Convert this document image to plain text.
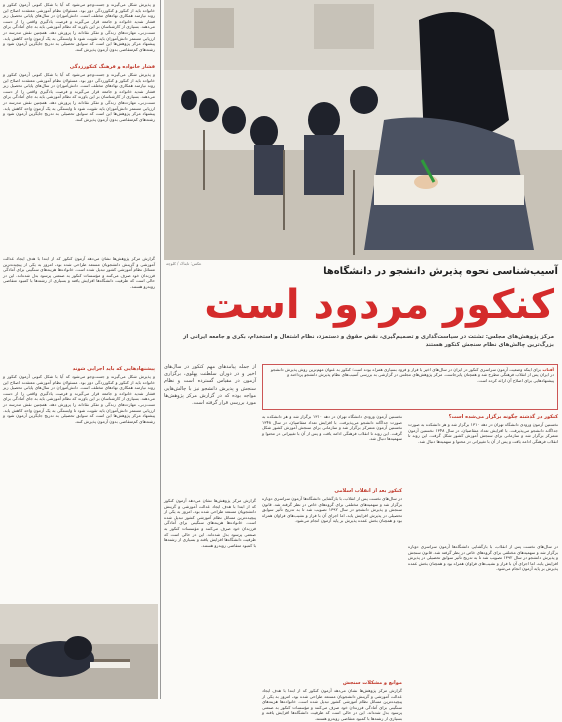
و پذیرش شکل می‌گیرند و جست‌وجو می‌شود که آیا با شکل کنونی آزمون کنکور و خانواده باید از کنکور و کنکورزدگی دور بود. مسئولان نظام آموزشی معتقدند اصلاح این روند نیازمند همکاری نهادهای مختلف است. دانش‌آموزان در سال‌های پایانی تحصیل زیر فشار شدید خانواده و جامعه قرار می‌گیرند و فرصت یادگیری واقعی را از دست می‌دهند. بسیاری از کارشناسان بر این باورند که نظام آموزشی باید به جای آمادگی برای تست‌زنی، مهارت‌های زندگی و تفکر نقادانه را پرورش دهد. همچنین نقش مدرسه در ارزیابی مستمر دانش‌آموزان باید تقویت شود تا وابستگی به یک آزمون واحد کاهش یابد. پیشنهاد مرکز پژوهش‌ها این است که سوابق تحصیلی به تدریج جایگزین آزمون شود و رشته‌های کم‌متقاضی بدون آزمون پذیرش کنند.
فشار خانواده و فرهنگ کنکورزدگی
و پذیرش شکل می‌گیرند و جست‌وجو می‌شود که آیا با شکل کنونی آزمون کنکور و خانواده باید از کنکور و کنکورزدگی دور بود. مسئولان نظام آموزشی معتقدند اصلاح این روند نیازمند همکاری نهادهای مختلف است. دانش‌آموزان در سال‌های پایانی تحصیل زیر فشار شدید خانواده و جامعه قرار می‌گیرند و فرصت یادگیری واقعی را از دست می‌دهند. بسیاری از کارشناسان بر این باورند که نظام آموزشی باید به جای آمادگی برای تست‌زنی، مهارت‌های زندگی و تفکر نقادانه را پرورش دهد. همچنین نقش مدرسه در ارزیابی مستمر دانش‌آموزان باید تقویت شود تا وابستگی به یک آزمون واحد کاهش یابد. پیشنهاد مرکز پژوهش‌ها این است که سوابق تحصیلی به تدریج جایگزین آزمون شود و رشته‌های کم‌متقاضی بدون آزمون پذیرش کنند.
گزارش مرکز پژوهش‌ها نشان می‌دهد آزمون کنکور که از ابتدا با هدف ایجاد عدالت آموزشی و گزینش دانشجویان مستعد طراحی شده بود، امروز به یکی از پیچیده‌ترین مسائل نظام آموزشی کشور تبدیل شده است. خانواده‌ها هزینه‌های سنگینی برای آمادگی فرزندان خود صرف می‌کنند و مؤسسات کنکور به صنعتی پرسود بدل شده‌اند. این در حالی است که ظرفیت دانشگاه‌ها افزایش یافته و بسیاری از رشته‌ها با کمبود متقاضی روبه‌رو هستند.
پیشنهادهایی که باید اجرایی شوند
و پذیرش شکل می‌گیرند و جست‌وجو می‌شود که آیا با شکل کنونی آزمون کنکور و خانواده باید از کنکور و کنکورزدگی دور بود. مسئولان نظام آموزشی معتقدند اصلاح این روند نیازمند همکاری نهادهای مختلف است. دانش‌آموزان در سال‌های پایانی تحصیل زیر فشار شدید خانواده و جامعه قرار می‌گیرند و فرصت یادگیری واقعی را از دست می‌دهند. بسیاری از کارشناسان بر این باورند که نظام آموزشی باید به جای آمادگی برای تست‌زنی، مهارت‌های زندگی و تفکر نقادانه را پرورش دهد. همچنین نقش مدرسه در ارزیابی مستمر دانش‌آموزان باید تقویت شود تا وابستگی به یک آزمون واحد کاهش یابد. پیشنهاد مرکز پژوهش‌ها این است که سوابق تحصیلی به تدریج جایگزین آزمون شود و رشته‌های کم‌متقاضی بدون آزمون پذیرش کنند.
عکس: تابناک / کلوچه
آسیب‌شناسی نحوه پذیرش دانشجو در دانشگاه‌ها
کنکور مردود است
مرکز پژوهش‌های مجلس: تشتت در سیاست‌گذاری و تصمیم‌گیری، نقض حقوق و دستمزد، نظام اشتغال و استخدام، بکری و جامعه ایرانی از بزرگ‌ترین چالش‌های نظام سنجش کنکور هستند
آفتاب برای اینکه وضعیت آزمون سراسری کنکور در ایران در سال‌های اخیر با فراز و فرود بسیاری همراه بوده است؛ کنکور به عنوان مهم‌ترین روش پذیرش دانشجو در ایران پس از انقلاب فرهنگی مطرح شد و همچنان پابرجاست. مرکز پژوهش‌های مجلس در گزارشی به بررسی آسیب‌های نظام پذیرش دانشجو پرداخته و پیشنهادهایی برای اصلاح آن ارائه کرده است.
از جمله پیامدهای مهم کنکور در سال‌های اخیر و در دوران سلطنت پهلوی، برگزاری آزمون در مقیاس گسترده است و نظام سنجش و پذیرش دانشجو نیز با چالش‌هایی مواجه بوده که در گزارش مرکز پژوهش‌ها مورد بررسی قرار گرفته است.
گزارش مرکز پژوهش‌ها نشان می‌دهد آزمون کنکور که از ابتدا با هدف ایجاد عدالت آموزشی و گزینش دانشجویان مستعد طراحی شده بود، امروز به یکی از پیچیده‌ترین مسائل نظام آموزشی کشور تبدیل شده است. خانواده‌ها هزینه‌های سنگینی برای آمادگی فرزندان خود صرف می‌کنند و مؤسسات کنکور به صنعتی پرسود بدل شده‌اند. این در حالی است که ظرفیت دانشگاه‌ها افزایش یافته و بسیاری از رشته‌ها با کمبود متقاضی روبه‌رو هستند.
نخستین آزمون ورودی دانشگاه تهران در دهه ۱۳۱۰ برگزار شد و هر دانشکده به صورت جداگانه دانشجو می‌پذیرفت. با افزایش تعداد متقاضیان، در سال ۱۳۴۸ نخستین آزمون متمرکز برگزار شد و سازمانی برای سنجش آموزش کشور شکل گرفت. این روند تا انقلاب فرهنگی ادامه یافت و پس از آن با تغییراتی در محتوا و سهمیه‌ها دنبال شد.
کنکور بعد از انقلاب اسلامی
در سال‌های نخست پس از انقلاب، با بازگشایی دانشگاه‌ها آزمون سراسری دوباره برگزار شد و سهمیه‌های مختلفی برای گروه‌های خاص در نظر گرفته شد. قانون سنجش و پذیرش دانشجو در سال ۱۳۹۲ تصویب شد تا به تدریج تأثیر سوابق تحصیلی در پذیرش افزایش یابد، اما اجرای آن با فراز و نشیب‌های فراوان همراه بود و همچنان بخش عمده پذیرش بر پایه آزمون انجام می‌شود.
موانع و مشکلات سنجش
گزارش مرکز پژوهش‌ها نشان می‌دهد آزمون کنکور که از ابتدا با هدف ایجاد عدالت آموزشی و گزینش دانشجویان مستعد طراحی شده بود، امروز به یکی از پیچیده‌ترین مسائل نظام آموزشی کشور تبدیل شده است. خانواده‌ها هزینه‌های سنگینی برای آمادگی فرزندان خود صرف می‌کنند و مؤسسات کنکور به صنعتی پرسود بدل شده‌اند. این در حالی است که ظرفیت دانشگاه‌ها افزایش یافته و بسیاری از رشته‌ها با کمبود متقاضی روبه‌رو هستند.
کنکور در گذشته چگونه برگزار می‌شده است؟
نخستین آزمون ورودی دانشگاه تهران در دهه ۱۳۱۰ برگزار شد و هر دانشکده به صورت جداگانه دانشجو می‌پذیرفت. با افزایش تعداد متقاضیان، در سال ۱۳۴۸ نخستین آزمون متمرکز برگزار شد و سازمانی برای سنجش آموزش کشور شکل گرفت. این روند تا انقلاب فرهنگی ادامه یافت و پس از آن با تغییراتی در محتوا و سهمیه‌ها دنبال شد.
در سال‌های نخست پس از انقلاب، با بازگشایی دانشگاه‌ها آزمون سراسری دوباره برگزار شد و سهمیه‌های مختلفی برای گروه‌های خاص در نظر گرفته شد. قانون سنجش و پذیرش دانشجو در سال ۱۳۹۲ تصویب شد تا به تدریج تأثیر سوابق تحصیلی در پذیرش افزایش یابد، اما اجرای آن با فراز و نشیب‌های فراوان همراه بود و همچنان بخش عمده پذیرش بر پایه آزمون انجام می‌شود.
